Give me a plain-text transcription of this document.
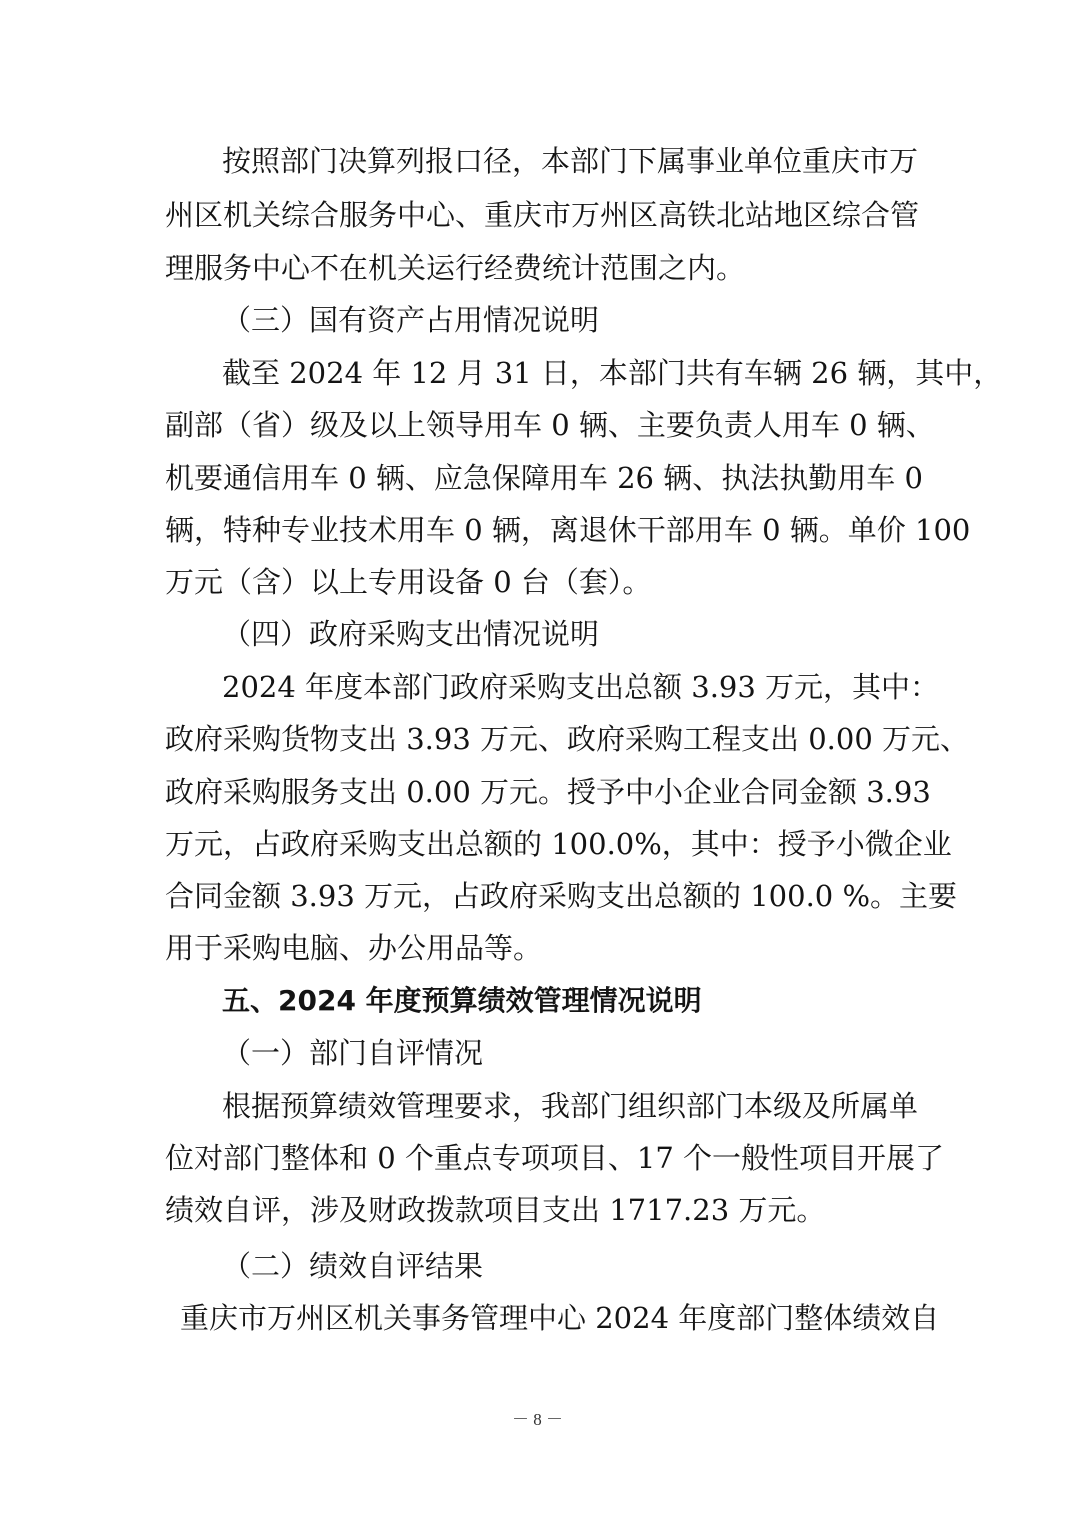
按照部门决算列报口径，本部门下属事业单位重庆市万
州区机关综合服务中心、重庆市万州区高铁北站地区综合管
理服务中心不在机关运行经费统计范围之内。
（三）国有资产占用情况说明
截至 2024 年 12 月 31 日，本部门共有车辆 26 辆，其中，
副部（省）级及以上领导用车 0 辆、主要负责人用车 0 辆、
机要通信用车 0 辆、应急保障用车 26 辆、执法执勤用车 0
辆，特种专业技术用车 0 辆，离退休干部用车 0 辆。单价 100
万元（含）以上专用设备 0 台（套）。
（四）政府采购支出情况说明
2024 年度本部门政府采购支出总额 3.93 万元，其中：
政府采购货物支出 3.93 万元、政府采购工程支出 0.00 万元、
政府采购服务支出 0.00 万元。授予中小企业合同金额 3.93
万元，占政府采购支出总额的 100.0%，其中：授予小微企业
合同金额 3.93 万元，占政府采购支出总额的 100.0 %。主要
用于采购电脑、办公用品等。
五、2024 年度预算绩效管理情况说明
（一）部门自评情况
根据预算绩效管理要求，我部门组织部门本级及所属单
位对部门整体和 0 个重点专项项目、17 个一般性项目开展了
绩效自评，涉及财政拨款项目支出 1717.23 万元。
（二）绩效自评结果
重庆市万州区机关事务管理中心 2024 年度部门整体绩效自
－ 8 －
